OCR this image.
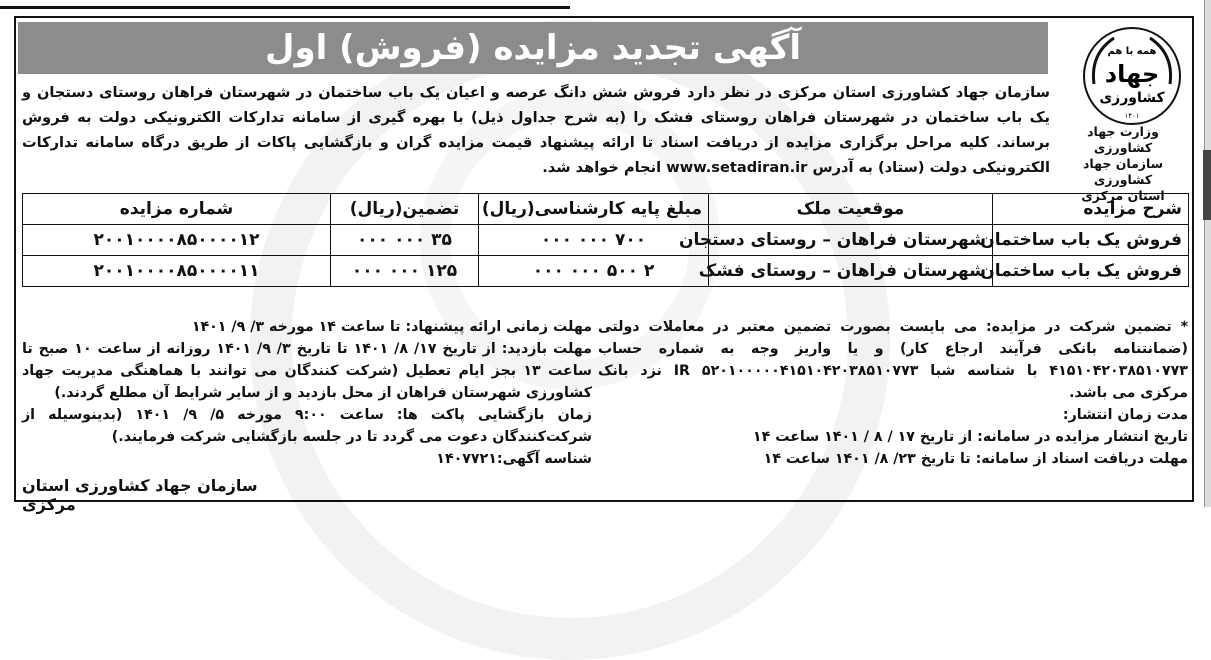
آگهی تجدید مزایده (فروش) اول	همه با هم
جهاد
کشاورزی
۱۴۰۱
وزارت جهاد کشاورزی
سازمان جهاد کشاورزی
استان مرکزی

سازمان جهاد کشاورزی استان مرکزی در نظر دارد فروش شش دانگ عرصه و اعیان یک باب ساختمان در شهرستان فراهان روستای دستجان و یک باب ساختمان در شهرستان فراهان روستای فشک را (به شرح جداول ذیل) با بهره گیری از سامانه تدارکات الکترونیکی دولت به فروش برساند. کلیه مراحل برگزاری مزایده از دریافت اسناد تا ارائه پیشنهاد قیمت مزایده گران و بازگشایی پاکات از طریق درگاه سامانه تدارکات الکترونیکی دولت (ستاد) به آدرس www.setadiran.ir انجام خواهد شد.

شرح مزایده	موقعیت ملک	مبلغ پایه کارشناسی(ریال)	تضمین(ریال)	شماره مزایده
فروش یک باب ساختمان	شهرستان فراهان – روستای دستجان	۷۰۰ ۰۰۰ ۰۰۰	۳۵ ۰۰۰ ۰۰۰	۲۰۰۱۰۰۰۰۸۵۰۰۰۰۱۲
فروش یک باب ساختمان	شهرستان فراهان – روستای فشک	۲ ۵۰۰ ۰۰۰ ۰۰۰	۱۲۵ ۰۰۰ ۰۰۰	۲۰۰۱۰۰۰۰۸۵۰۰۰۰۱۱
* تضمین شرکت در مزایده: می بایست بصورت تضمین معتبر در معاملات دولتی (ضمانتنامه بانکی فرآیند ارجاع کار) و یا واریز وجه به شماره حساب ۴۱۵۱۰۴۲۰۳۸۵۱۰۷۷۳ با شناسه شبا IR ۵۲۰۱۰۰۰۰۰۴۱۵۱۰۴۲۰۳۸۵۱۰۷۷۳ نزد بانک مرکزی می باشد.
مدت زمان انتشار:
تاریخ انتشار مزایده در سامانه: از تاریخ ۱۷ / ۸ / ۱۴۰۱ ساعت ۱۴
مهلت دریافت اسناد از سامانه: تا تاریخ ۲۳/ ۸/ ۱۴۰۱ ساعت ۱۴
مهلت زمانی ارائه پیشنهاد: تا ساعت ۱۴ مورخه ۳/ ۹/ ۱۴۰۱
مهلت بازدید: از تاریخ ۱۷/ ۸/ ۱۴۰۱ تا تاریخ ۳/ ۹/ ۱۴۰۱ روزانه از ساعت ۱۰ صبح تا ساعت ۱۳ بجز ایام تعطیل (شرکت کنندگان می توانند با هماهنگی مدیریت جهاد کشاورزی شهرستان فراهان از محل بازدید و از سایر شرایط آن مطلع گردند.)
زمان بازگشایی پاکت ها: ساعت ۹:۰۰ مورخه ۵/ ۹/ ۱۴۰۱ (بدینوسیله از شرکت‌کنندگان دعوت می گردد تا در جلسه بازگشایی شرکت فرمایند.)
شناسه آگهی:۱۴۰۷۷۲۱
سازمان جهاد کشاورزی استان مرکزی
